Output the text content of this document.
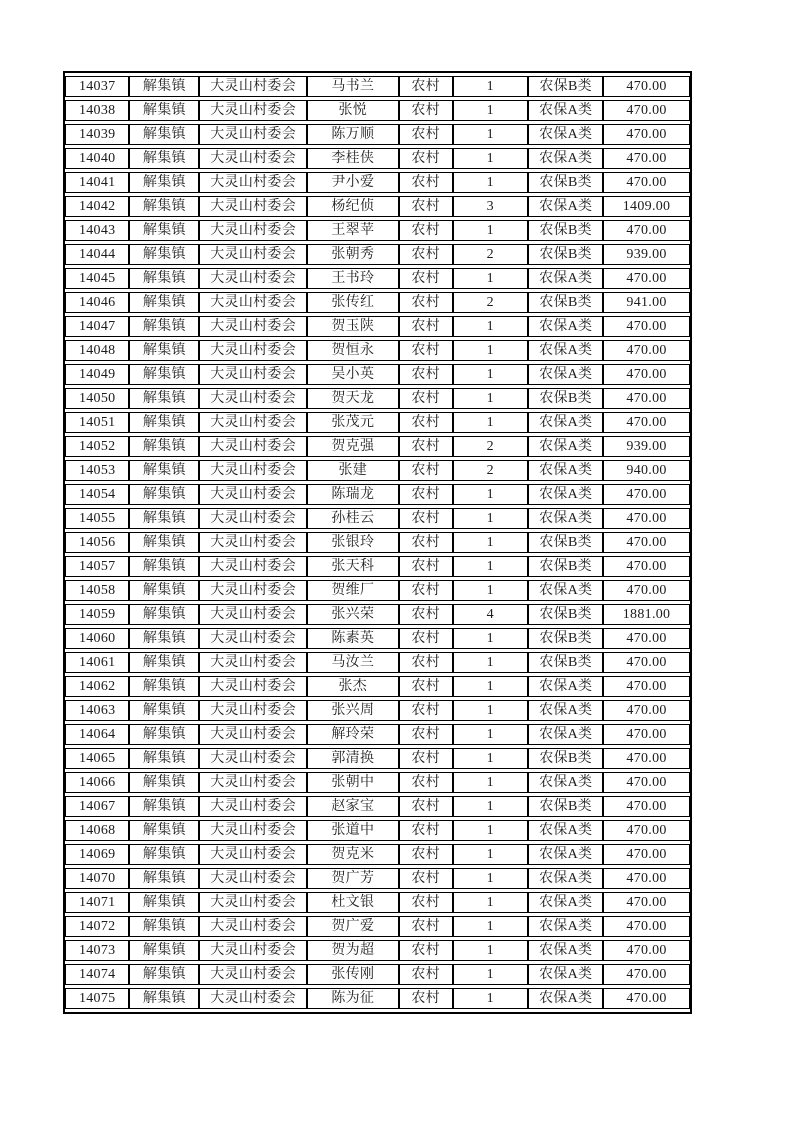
14037	解集镇	大灵山村委会	马书兰	农村	1	农保B类	470.00
14038	解集镇	大灵山村委会	张悦	农村	1	农保A类	470.00
14039	解集镇	大灵山村委会	陈万顺	农村	1	农保A类	470.00
14040	解集镇	大灵山村委会	李桂侠	农村	1	农保A类	470.00
14041	解集镇	大灵山村委会	尹小爱	农村	1	农保B类	470.00
14042	解集镇	大灵山村委会	杨纪侦	农村	3	农保A类	1409.00
14043	解集镇	大灵山村委会	王翠苹	农村	1	农保B类	470.00
14044	解集镇	大灵山村委会	张朝秀	农村	2	农保B类	939.00
14045	解集镇	大灵山村委会	王书玲	农村	1	农保A类	470.00
14046	解集镇	大灵山村委会	张传红	农村	2	农保B类	941.00
14047	解集镇	大灵山村委会	贺玉陕	农村	1	农保A类	470.00
14048	解集镇	大灵山村委会	贺恒永	农村	1	农保A类	470.00
14049	解集镇	大灵山村委会	吴小英	农村	1	农保A类	470.00
14050	解集镇	大灵山村委会	贺天龙	农村	1	农保B类	470.00
14051	解集镇	大灵山村委会	张茂元	农村	1	农保A类	470.00
14052	解集镇	大灵山村委会	贺克强	农村	2	农保A类	939.00
14053	解集镇	大灵山村委会	张建	农村	2	农保A类	940.00
14054	解集镇	大灵山村委会	陈瑞龙	农村	1	农保A类	470.00
14055	解集镇	大灵山村委会	孙桂云	农村	1	农保A类	470.00
14056	解集镇	大灵山村委会	张银玲	农村	1	农保B类	470.00
14057	解集镇	大灵山村委会	张天科	农村	1	农保B类	470.00
14058	解集镇	大灵山村委会	贺维厂	农村	1	农保A类	470.00
14059	解集镇	大灵山村委会	张兴荣	农村	4	农保B类	1881.00
14060	解集镇	大灵山村委会	陈素英	农村	1	农保B类	470.00
14061	解集镇	大灵山村委会	马汝兰	农村	1	农保B类	470.00
14062	解集镇	大灵山村委会	张杰	农村	1	农保A类	470.00
14063	解集镇	大灵山村委会	张兴周	农村	1	农保A类	470.00
14064	解集镇	大灵山村委会	解玲荣	农村	1	农保A类	470.00
14065	解集镇	大灵山村委会	郭清换	农村	1	农保B类	470.00
14066	解集镇	大灵山村委会	张朝中	农村	1	农保A类	470.00
14067	解集镇	大灵山村委会	赵家宝	农村	1	农保B类	470.00
14068	解集镇	大灵山村委会	张道中	农村	1	农保A类	470.00
14069	解集镇	大灵山村委会	贺克米	农村	1	农保A类	470.00
14070	解集镇	大灵山村委会	贺广芳	农村	1	农保A类	470.00
14071	解集镇	大灵山村委会	杜文银	农村	1	农保A类	470.00
14072	解集镇	大灵山村委会	贺广爱	农村	1	农保A类	470.00
14073	解集镇	大灵山村委会	贺为超	农村	1	农保A类	470.00
14074	解集镇	大灵山村委会	张传刚	农村	1	农保A类	470.00
14075	解集镇	大灵山村委会	陈为征	农村	1	农保A类	470.00
